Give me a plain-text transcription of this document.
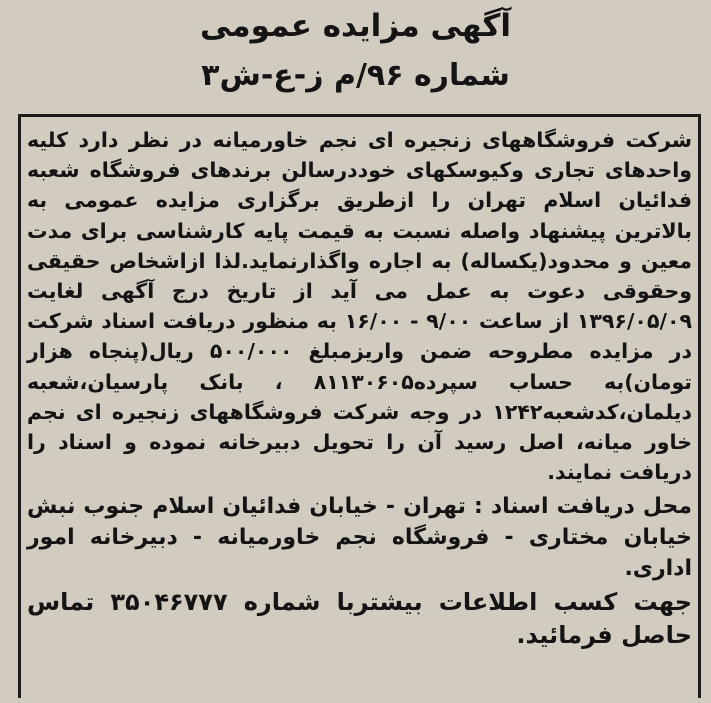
آگهی مزایده عمومی
شماره ۹۶/م ز-ع-ش۳

شرکت فروشگاههای زنجیره ای نجم خاورمیانه در نظر دارد کلیه واحدهای تجاری وکیوسکهای خوددرسالن برندهای فروشگاه شعبه فدائیان اسلام تهران را ازطریق برگزاری مزایده عمومی به بالاترین پیشنهاد واصله نسبت به قیمت پایه کارشناسی برای مدت معین و محدود(یکساله) به اجاره واگذارنماید.لذا ازاشخاص حقیقی وحقوقی دعوت به عمل می آید از تاریخ درج آگهی لغایت ۱۳۹۶/۰۵/۰۹ از ساعت ۹/۰۰ - ۱۶/۰۰ به منظور دریافت اسناد شرکت در مزایده مطروحه ضمن واریزمبلغ ۵۰۰/۰۰۰ ریال(پنجاه هزار تومان)به حساب سپرده۸۱۱۳۰۶۰۵ ، بانک پارسیان،شعبه دیلمان،کدشعبه۱۲۴۲ در وجه شرکت فروشگاههای زنجیره ای نجم خاور میانه، اصل رسید آن را تحویل دبیرخانه نموده و اسناد را دریافت نمایند.

محل دریافت اسناد : تهران - خیابان فدائیان اسلام جنوب نبش خیابان مختاری - فروشگاه نجم خاورمیانه - دبیرخانه امور اداری.

جهت کسب اطلاعات بیشتربا شماره ۳۵۰۴۶۷۷۷ تماس حاصل فرمائید.
